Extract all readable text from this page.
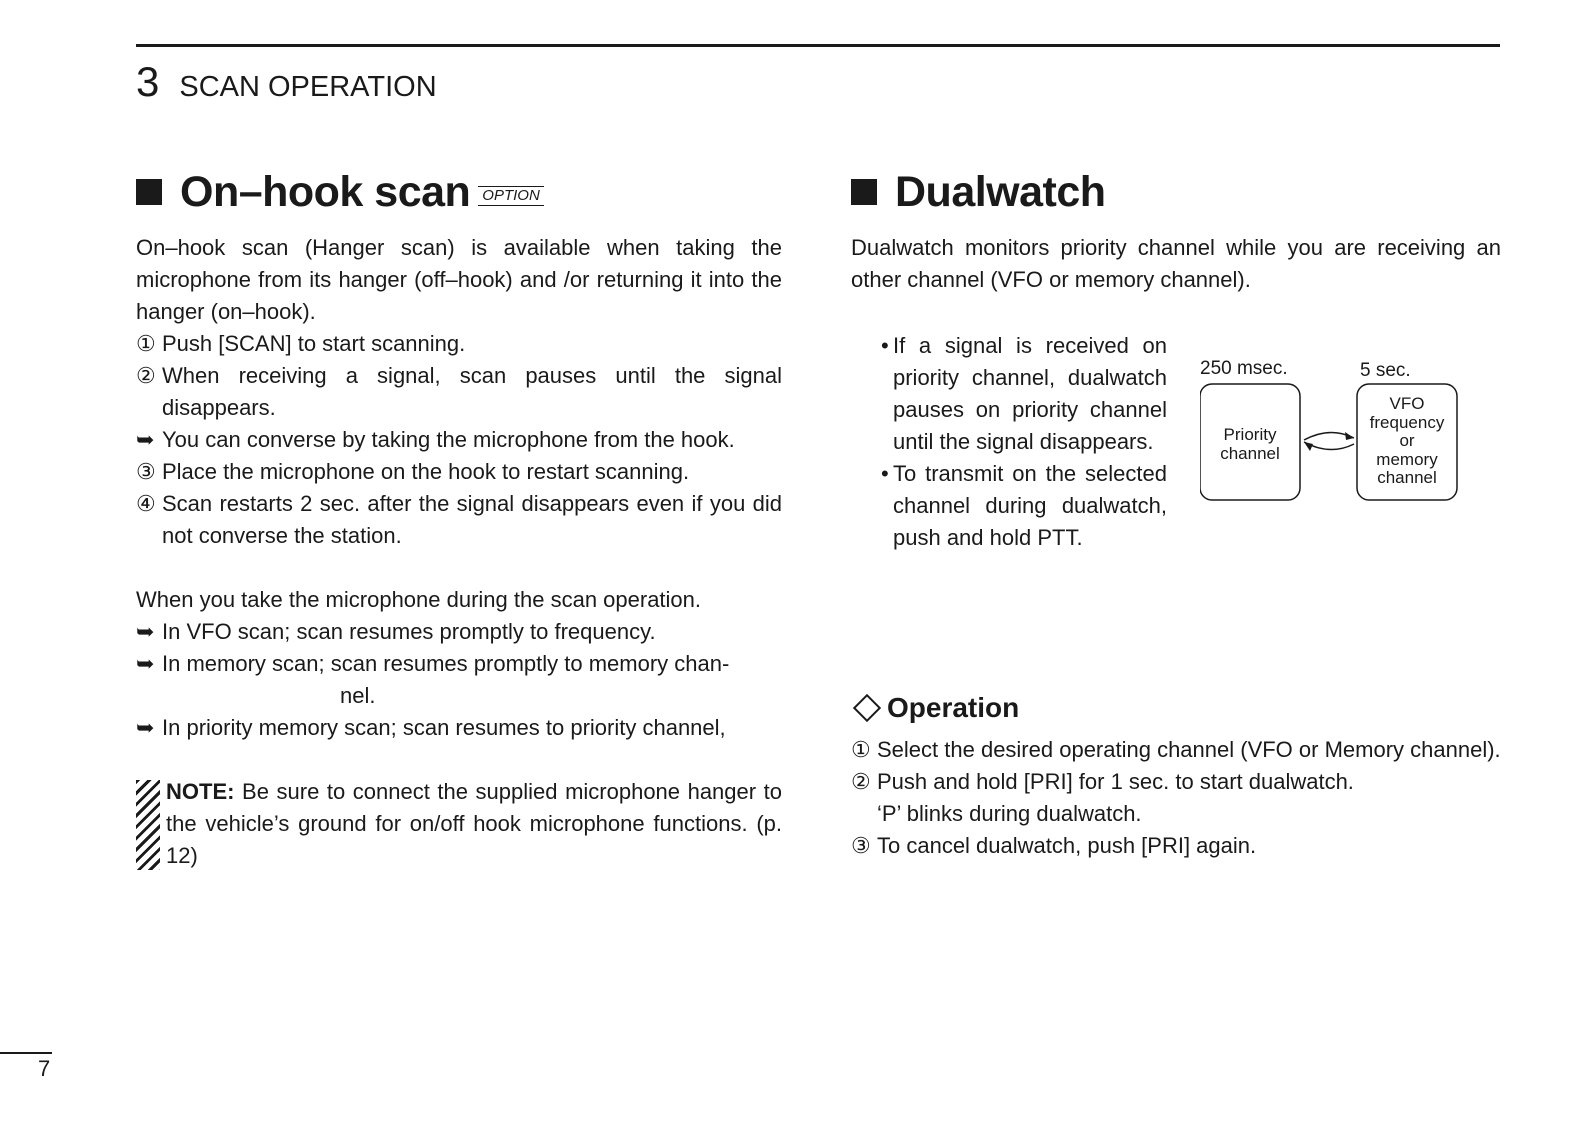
3 SCAN OPERATION
On–hook scan OPTION

On–hook scan (Hanger scan) is available when taking the microphone from its hanger (off–hook) and /or returning it into the hanger (on–hook).

① Push [SCAN] to start scanning.
② When receiving a signal, scan pauses until the signal disappears.
➥ You can converse by taking the microphone from the hook.
③ Place the microphone on the hook to restart scanning.
④ Scan restarts 2 sec. after the signal disappears even if you did not converse the station.

When you take the microphone during the scan operation.

➥ In VFO scan; scan resumes promptly to frequency.
➥ In memory scan; scan resumes promptly to memory chan-
nel.
➥ In priority memory scan; scan resumes to priority channel,

NOTE: Be sure to connect the supplied microphone hanger to the vehicle’s ground for on/off hook microphone functions. (p. 12)

Dualwatch

Dualwatch monitors priority channel while you are receiving an other channel (VFO or memory channel).

• If a signal is received on priority channel, dualwatch pauses on priority channel until the signal disappears.
• To transmit on the selected channel during dualwatch, push and hold PTT.
250 msec.	5 sec.
Priority
channel
VFO
frequency
or
memory
channel
Operation
① Select the desired operating channel (VFO or Memory channel).
② Push and hold [PRI] for 1 sec. to start dualwatch.
‘P’ blinks during dualwatch.
③ To cancel dualwatch, push [PRI] again.
7
